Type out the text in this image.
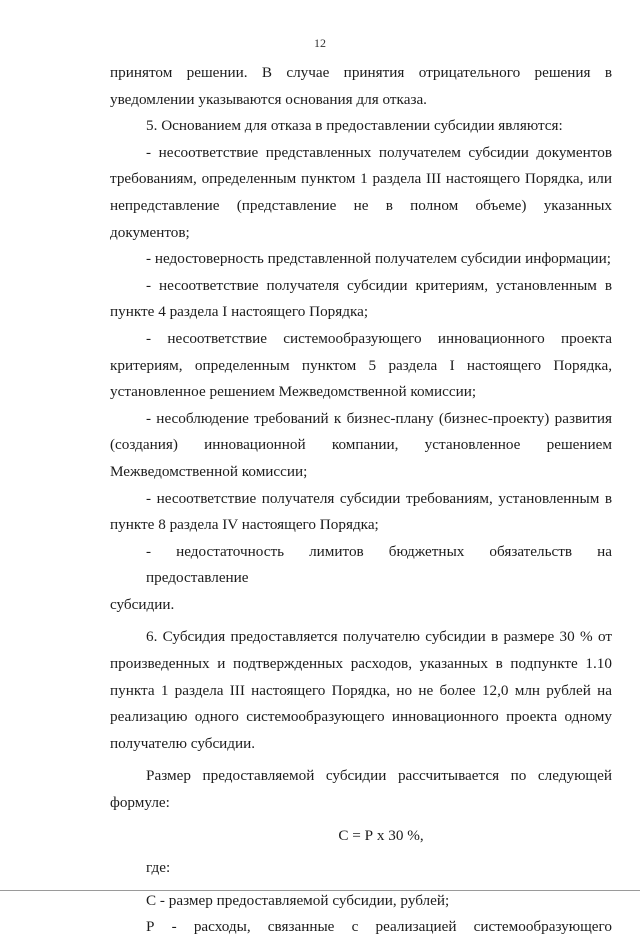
12

принятом решении. В случае принятия отрицательного решения в
уведомлении указываются основания для отказа.

5. Основанием для отказа в предоставлении субсидии являются:

- несоответствие представленных получателем субсидии документов
требованиям, определенным пунктом 1 раздела III настоящего Порядка, или
непредставление (представление не в полном объеме) указанных документов;

- недостоверность представленной получателем субсидии информации;

- несоответствие получателя субсидии критериям, установленным в
пункте 4 раздела I настоящего Порядка;

- несоответствие системообразующего инновационного проекта
критериям, определенным пунктом 5 раздела I настоящего Порядка,
установленное решением Межведомственной комиссии;

- несоблюдение требований к бизнес-плану (бизнес-проекту) развития
(создания) инновационной компании, установленное решением
Межведомственной комиссии;

- несоответствие получателя субсидии требованиям, установленным в
пункте 8 раздела IV настоящего Порядка;

- недостаточность лимитов бюджетных обязательств на предоставление
субсидии.

6. Субсидия предоставляется получателю субсидии в размере 30 % от
произведенных и подтвержденных расходов, указанных в подпункте 1.10
пункта 1 раздела III настоящего Порядка, но не более 12,0 млн рублей на
реализацию одного системообразующего инновационного проекта одному
получателю субсидии.

Размер предоставляемой субсидии рассчитывается по следующей
формуле:

С = Р х 30 %,

где:

С - размер предоставляемой субсидии, рублей;

Р - расходы, связанные с реализацией системообразующего
